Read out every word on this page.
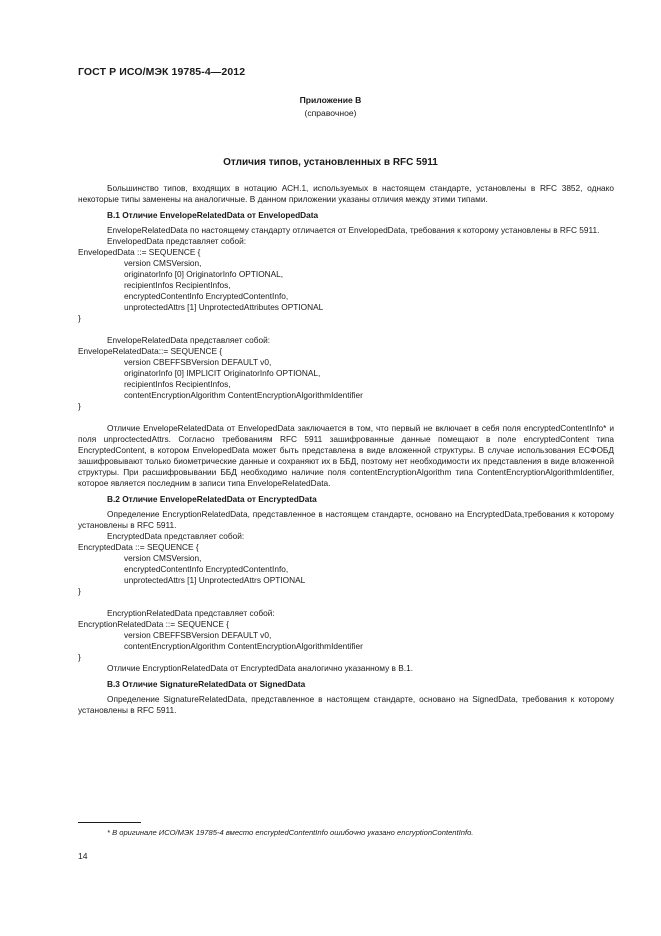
ГОСТ Р ИСО/МЭК 19785-4—2012
Приложение В
(справочное)
Отличия типов, установленных в RFC 5911

Большинство типов, входящих в нотацию АСН.1, используемых в настоящем стандарте, установлены в RFC 3852, однако некоторые типы заменены на аналогичные. В данном приложении указаны отличия между этими типами.

В.1 Отличие EnvelopeRelatedData от EnvelopedData

EnvelopeRelatedData по настоящему стандарту отличается от EnvelopedData, требования к которому установлены в RFC 5911.

EnvelopedData представляет собой:

EnvelopedData ::= SEQUENCE {

version CMSVersion,

originatorInfo [0] OriginatorInfo OPTIONAL,

recipientInfos RecipientInfos,

encryptedContentInfo EncryptedContentInfo,

unprotectedAttrs [1] UnprotectedAttributes OPTIONAL

}

EnvelopeRelatedData представляет собой:

EnvelopeRelatedData::= SEQUENCE {

version CBEFFSBVersion DEFAULT v0,

originatorInfo [0] IMPLICIT OriginatorInfo OPTIONAL,

recipientInfos RecipientInfos,

contentEncryptionAlgorithm ContentEncryptionAlgorithmIdentifier

}

Отличие EnvelopeRelatedData от EnvelopedData заключается в том, что первый не включает в себя поля encryptedContentInfo* и поля unproctectedAttrs. Согласно требованиям RFC 5911 зашифрованные данные помещают в поле encryptedContent типа EncryptedContent, в котором EnvelopedData может быть представлена в виде вложенной структуры. В случае использования ЕСФОБД зашифровывают только биометрические данные и сохраняют их в ББД, поэтому нет необходимости их представления в виде вложенной структуры. При расшифровывании ББД необходимо наличие поля contentEncryptionAlgorithm типа ContentEncryptionAlgorithmIdentifier, которое является последним в записи типа EnvelopeRelatedData.

В.2 Отличие EnvelopeRelatedData от EncryptedData

Определение EncryptionRelatedData, представленное в настоящем стандарте, основано на EncryptedData,требования к которому установлены в RFC 5911.

EncryptedData представляет собой:

EncryptedData ::= SEQUENCE {

version CMSVersion,

encryptedContentInfo EncryptedContentInfo,

unprotectedAttrs [1] UnprotectedAttrs OPTIONAL

}

EncryptionRelatedData представляет собой:

EncryptionRelatedData ::= SEQUENCE {

version CBEFFSBVersion DEFAULT v0,

contentEncryptionAlgorithm ContentEncryptionAlgorithmIdentifier

}

Отличие EncryptionRelatedData от EncryptedData аналогично указанному в В.1.

В.3 Отличие SignatureRelatedData от SignedData

Определение SignatureRelatedData, представленное в настоящем стандарте, основано на SignedData, требования к которому установлены в RFC 5911.

* В оригинале ИСО/МЭК 19785-4 вместо encryptedContentInfo ошибочно указано encryptionContentInfo.
14
